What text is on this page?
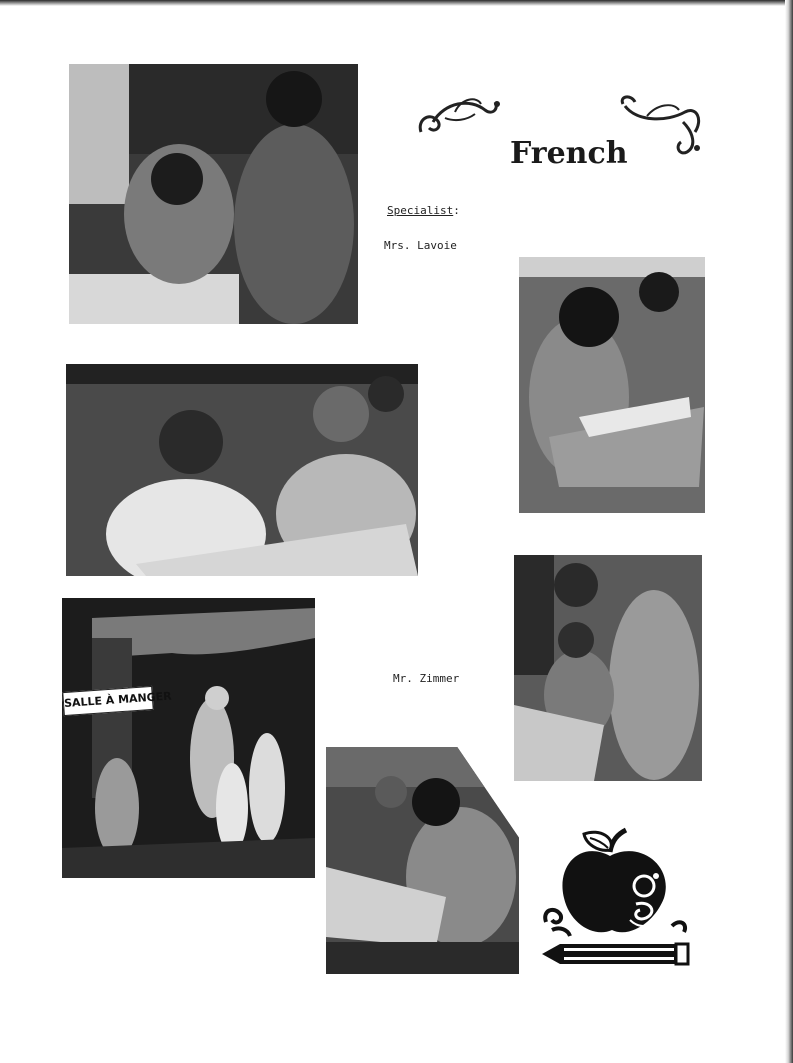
French
Specialist:
Mrs. Lavoie
SALLE À MANGER
Mr. Zimmer
